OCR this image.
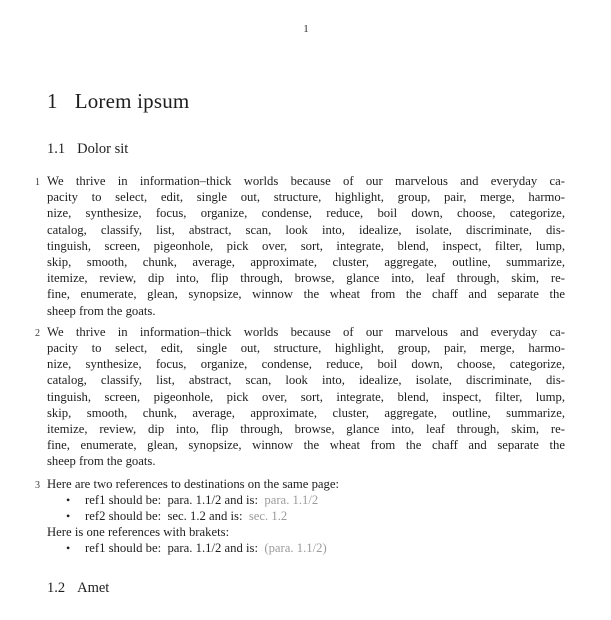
1
1 Lorem ipsum
1.1 Dolor sit
1 We thrive in information–thick worlds because of our marvelous and everyday ca-
pacity to select, edit, single out, structure, highlight, group, pair, merge, harmo-
nize, synthesize, focus, organize, condense, reduce, boil down, choose, categorize,
catalog, classify, list, abstract, scan, look into, idealize, isolate, discriminate, dis-
tinguish, screen, pigeonhole, pick over, sort, integrate, blend, inspect, filter, lump,
skip, smooth, chunk, average, approximate, cluster, aggregate, outline, summarize,
itemize, review, dip into, flip through, browse, glance into, leaf through, skim, re-
fine, enumerate, glean, synopsize, winnow the wheat from the chaff and separate the
sheep from the goats.
2 We thrive in information–thick worlds because of our marvelous and everyday ca-
pacity to select, edit, single out, structure, highlight, group, pair, merge, harmo-
nize, synthesize, focus, organize, condense, reduce, boil down, choose, categorize,
catalog, classify, list, abstract, scan, look into, idealize, isolate, discriminate, dis-
tinguish, screen, pigeonhole, pick over, sort, integrate, blend, inspect, filter, lump,
skip, smooth, chunk, average, approximate, cluster, aggregate, outline, summarize,
itemize, review, dip into, flip through, browse, glance into, leaf through, skim, re-
fine, enumerate, glean, synopsize, winnow the wheat from the chaff and separate the
sheep from the goats.
3 Here are two references to destinations on the same page:
• ref1 should be:  para. 1.1/2 and is:  para. 1.1/2
• ref2 should be:  sec. 1.2 and is:  sec. 1.2
Here is one references with brakets:
• ref1 should be:  para. 1.1/2 and is:  (para. 1.1/2)
1.2 Amet
